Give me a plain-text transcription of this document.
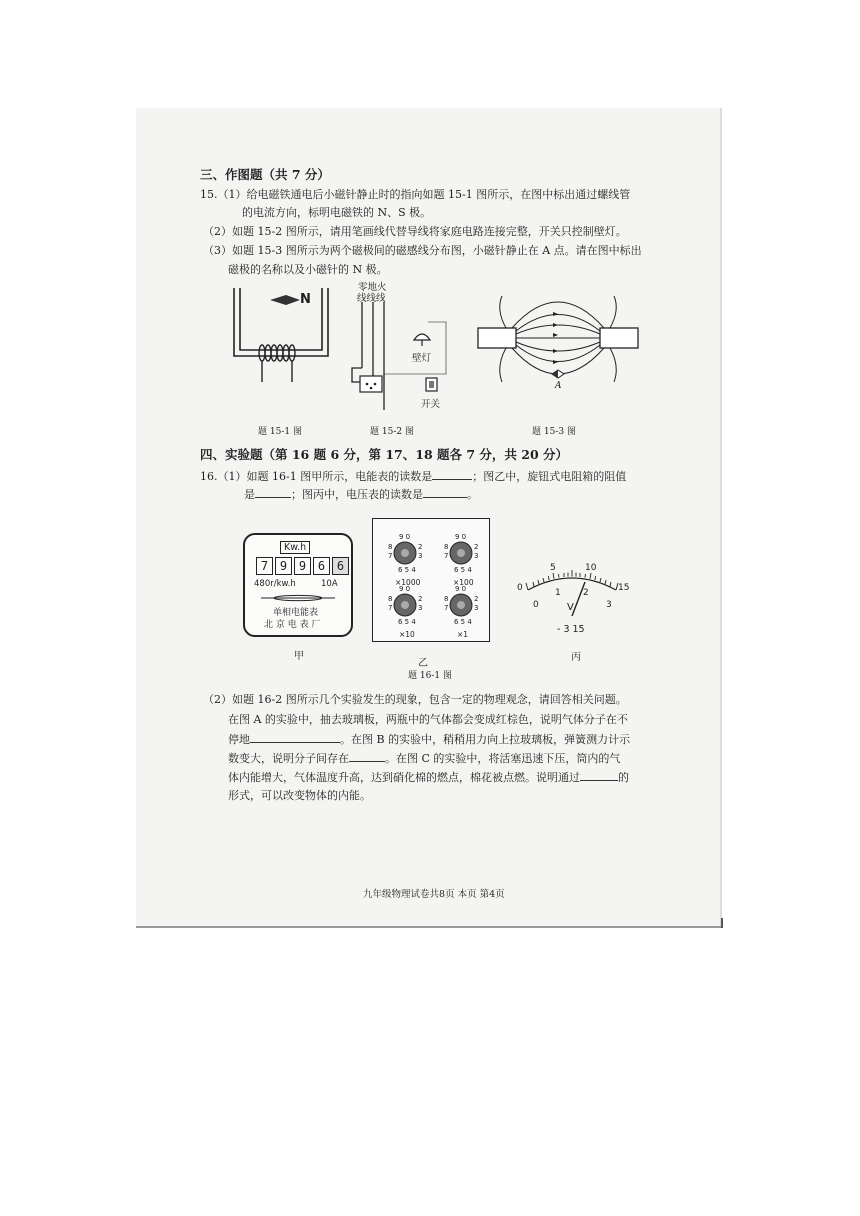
三、作图题（共 7 分）
15.（1）给电磁铁通电后小磁针静止时的指向如题 15-1 图所示，在图中标出通过螺线管
的电流方向，标明电磁铁的 N、S 极。
（2）如题 15-2 图所示，请用笔画线代替导线将家庭电路连接完整，开关只控制壁灯。
（3）如题 15-3 图所示为两个磁极间的磁感线分布图，小磁针静止在 A 点。请在图中标出
磁极的名称以及小磁针的 N 极。
N
题 15-1 图
零地火
线线线
壁灯
开关
题 15-2 图
A
题 15-3 图
四、实验题（第 16 题 6 分，第 17、18 题各 7 分，共 20 分）
16.（1）如题 16-1 图甲所示，电能表的读数是	；图乙中，旋钮式电阻箱的阻值
是	；图丙中，电压表的读数是	。
Kw.h
7 9 9 6 6
480r/kw.h	10A
单相电能表
北 京 电 表 厂
甲
9 0
8	2
7	3
6 5 4
9 0
8	2
7	3
6 5 4
9 0
8	2
7	3
6 5 4
9 0
8	2
7	3
6 5 4
×1000	×100
×10	×1
乙
题 16-1 图
0
5	10
15
0
1 2
3
V
- 3 15
丙
（2）如题 16-2 图所示几个实验发生的现象，包含一定的物理观念，请回答相关问题。
在图 A 的实验中，抽去玻璃板，两瓶中的气体都会变成红棕色，说明气体分子在不
停地	。在图 B 的实验中，稍稍用力向上拉玻璃板，弹簧测力计示
数变大，说明分子间存在	。在图 C 的实验中，将活塞迅速下压，筒内的气
体内能增大，气体温度升高，达到硝化棉的燃点，棉花被点燃。说明通过	的
形式，可以改变物体的内能。
九年级物理试卷共8页 本页 第4页
